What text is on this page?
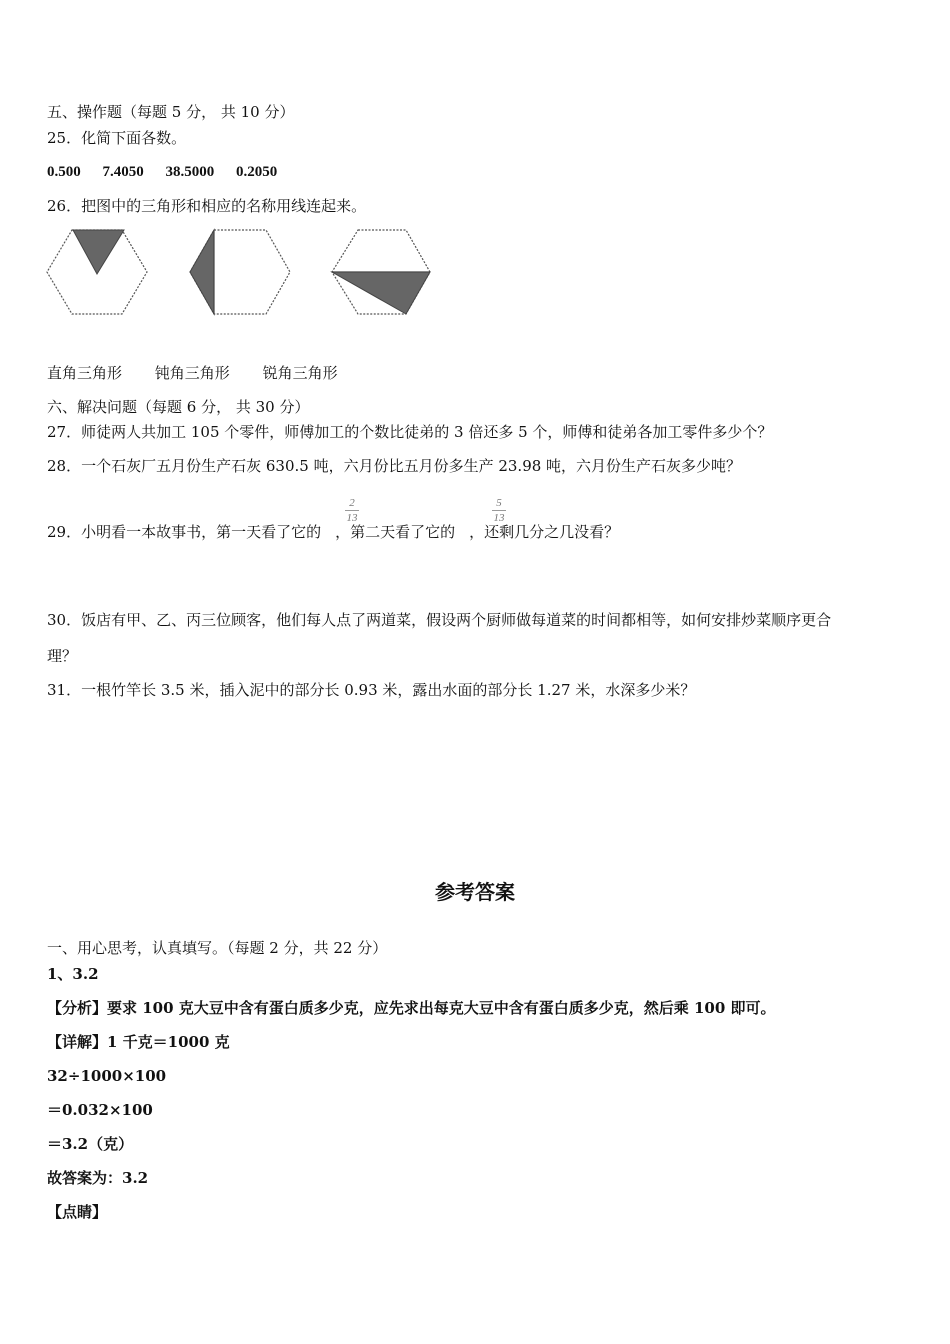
五、操作题（每题 5 分， 共 10 分）
25．化简下面各数。
0.500 7.4050 38.5000 0.2050
26．把图中的三角形和相应的名称用线连起来。
直角三角形 钝角三角形 锐角三角形
六、解决问题（每题 6 分， 共 30 分）
27．师徒两人共加工 105 个零件，师傅加工的个数比徒弟的 3 倍还多 5 个，师傅和徒弟各加工零件多少个？
28．一个石灰厂五月份生产石灰 630.5 吨，六月份比五月份多生产 23.98 吨，六月份生产石灰多少吨？
29．小明看一本故事书，第一天看了它的 ，第二天看了它的 ，还剩几分之几没看？
2
13
5
13
30．饭店有甲、乙、丙三位顾客，他们每人点了两道菜，假设两个厨师做每道菜的时间都相等，如何安排炒菜顺序更合
理？
31．一根竹竿长 3.5 米，插入泥中的部分长 0.93 米，露出水面的部分长 1.27 米，水深多少米？
参考答案
一、用心思考，认真填写。（每题 2 分，共 22 分）
1、3.2
【分析】要求 100 克大豆中含有蛋白质多少克，应先求出每克大豆中含有蛋白质多少克，然后乘 100 即可。
【详解】1 千克＝1000 克
32÷1000×100
＝0.032×100
＝3.2（克）
故答案为：3.2
【点睛】
